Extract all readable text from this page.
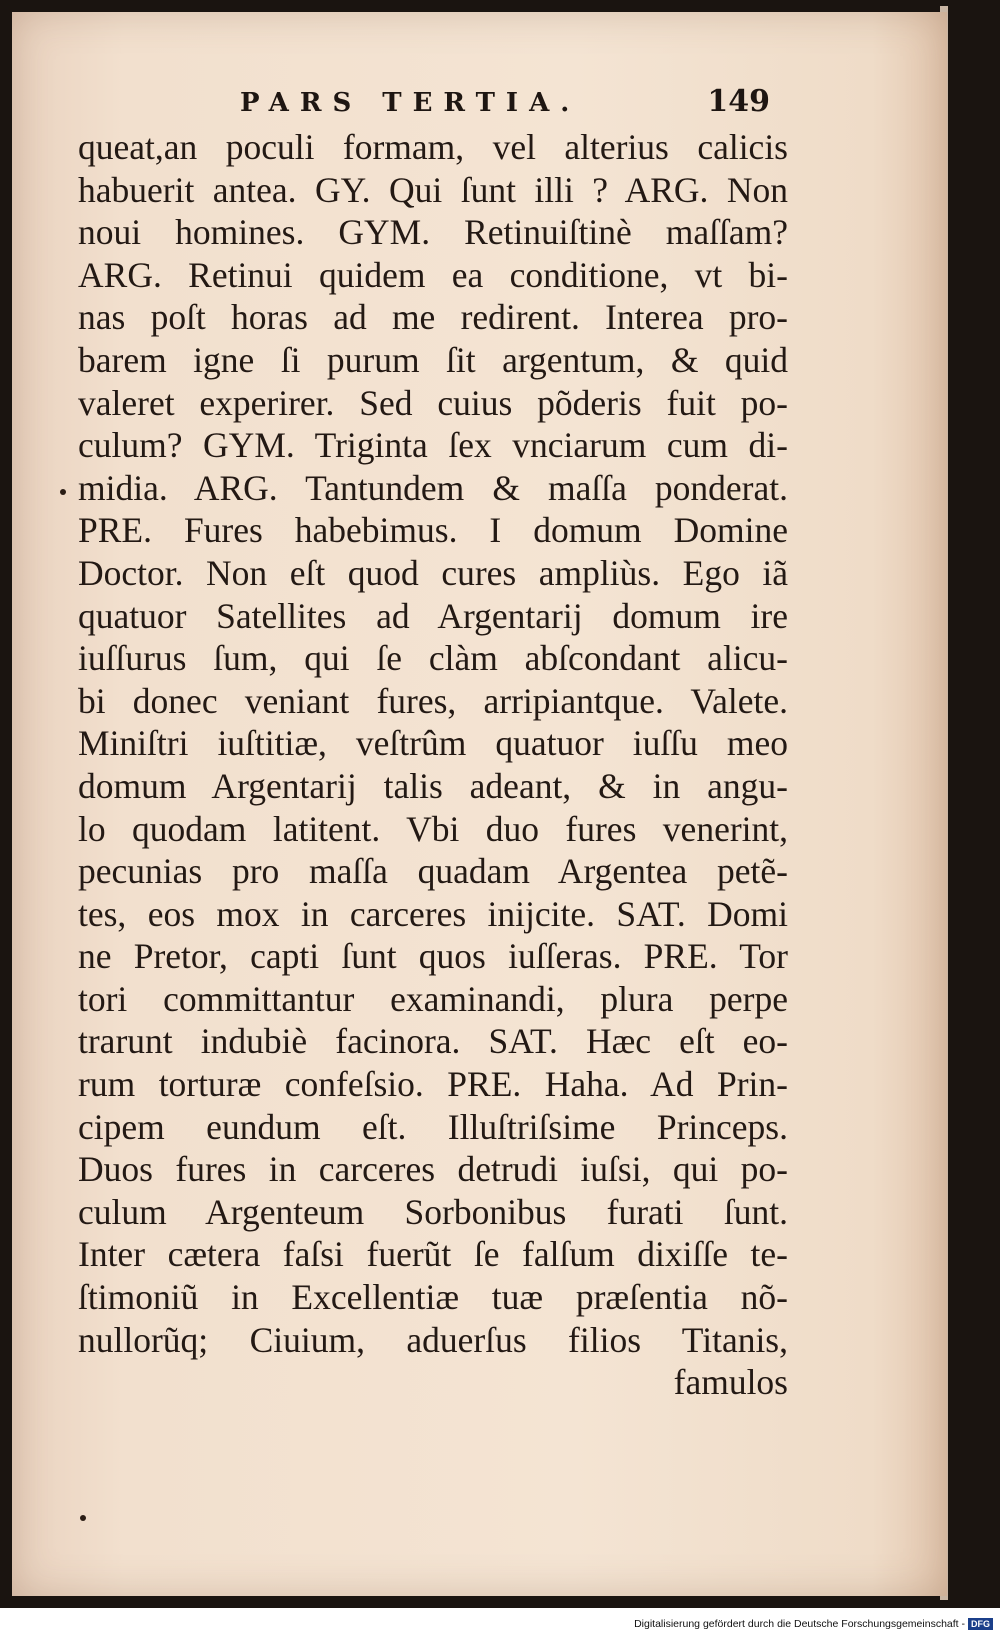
PARS TERTIA.	149
queat,an poculi formam, vel alterius calicis
habuerit antea. GY. Qui ſunt illi ? ARG. Non
noui homines. GYM. Retinuiſtinè maſſam?
ARG. Retinui quidem ea conditione, vt bi-
nas poſt horas ad me redirent. Interea pro-
barem igne ſi purum ſit argentum, & quid
valeret experirer. Sed cuius põderis fuit po-
culum? GYM. Triginta ſex vnciarum cum di-
midia. ARG. Tantundem & maſſa ponderat.
PRE. Fures habebimus. I domum Domine
Doctor. Non eſt quod cures ampliùs. Ego iã
quatuor Satellites ad Argentarij domum ire
iuſſurus ſum, qui ſe clàm abſcondant alicu-
bi donec veniant fures, arripiantque. Valete.
Miniſtri iuſtitiæ, veſtrûm quatuor iuſſu meo
domum Argentarij talis adeant, & in angu-
lo quodam latitent. Vbi duo fures venerint,
pecunias pro maſſa quadam Argentea petẽ-
tes, eos mox in carceres inijcite. SAT. Domi
ne Pretor, capti ſunt quos iuſſeras. PRE. Tor
tori committantur examinandi, plura perpe
trarunt indubiè facinora. SAT. Hæc eſt eo-
rum torturæ confeſsio. PRE. Haha. Ad Prin-
cipem eundum eſt. Illuſtriſsime Princeps.
Duos fures in carceres detrudi iuſsi, qui po-
culum Argenteum Sorbonibus furati ſunt.
Inter cætera faſsi fuerũt ſe falſum dixiſſe te-
ſtimoniũ in Excellentiæ tuæ præſentia nõ-
nullorũq; Ciuium, aduerſus filios Titanis,
famulos
Digitalisierung gefördert durch die Deutsche Forschungsgemeinschaft - DFG
